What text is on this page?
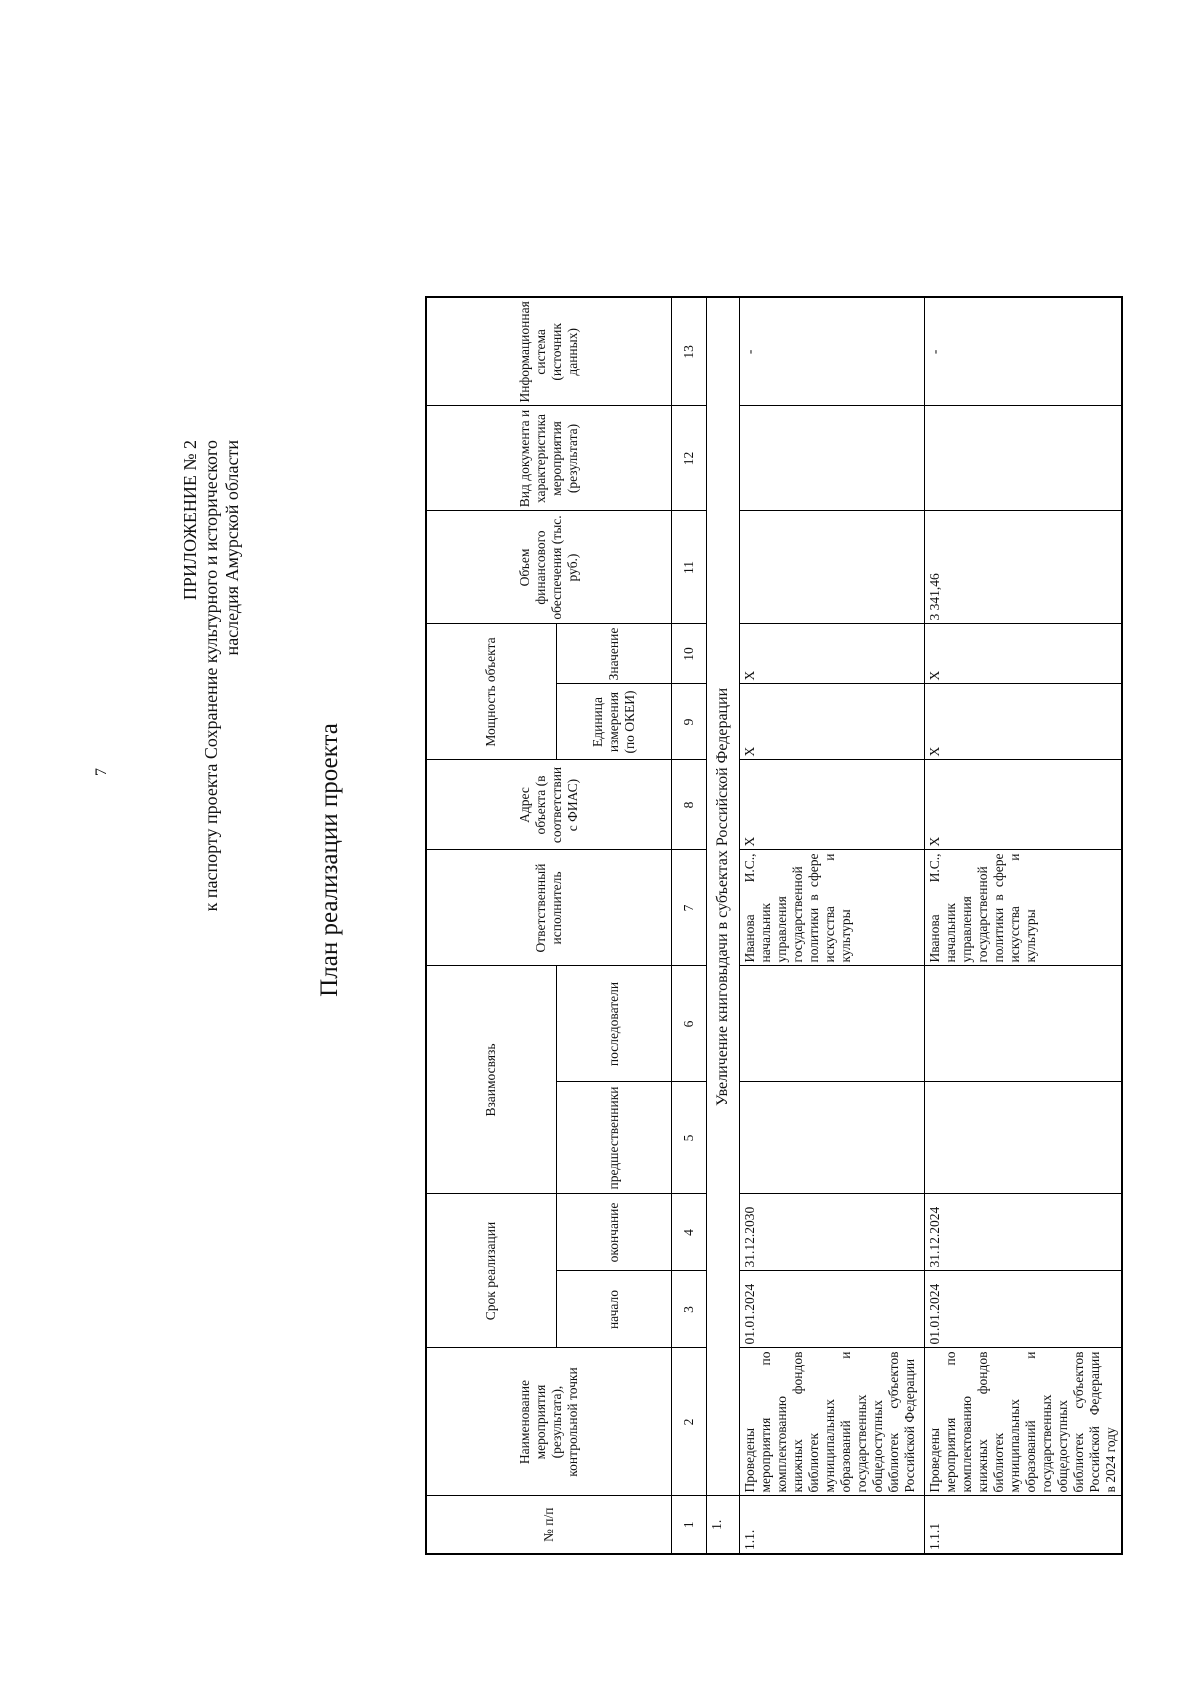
7
ПРИЛОЖЕНИЕ № 2 к паспорту проекта Сохранение культурного и исторического наследия Амурской области
План реализации проекта
№ п/п	Наименование мероприятия (результата), контрольной точки	Срок реализации		Взаимосвязь		Ответственный исполнитель	Адрес объекта (в соответствии с ФИАС)	Мощность объекта		Объем финансового обеспечения (тыс. руб.)	Вид документа и характеристика мероприятия (результата)	Информационная система (источник данных)
		начало	окончание	предшественники	последователи			Единица измерения (по ОКЕИ)	Значение			
1	2	3	4	5	6	7	8	9	10	11	12	13
1.	Увеличение книговыдачи в субъектах Российской Федерации											
1.1.	Проведены мероприятия по комплектованию книжных фондов библиотек муниципальных образований и государственных общедоступных библиотек субъектов Российской Федерации	01.01.2024	31.12.2030			Иванова И.С., начальник управления государственной политики в сфере искусства и культуры	X	X	X			-
1.1.1	Проведены мероприятия по комплектованию книжных фондов библиотек муниципальных образований и государственных общедоступных библиотек субъектов Российской Федерации в 2024 году	01.01.2024	31.12.2024			Иванова И.С., начальник управления государственной политики в сфере искусства и культуры	X	X	X	3 341,46		-
